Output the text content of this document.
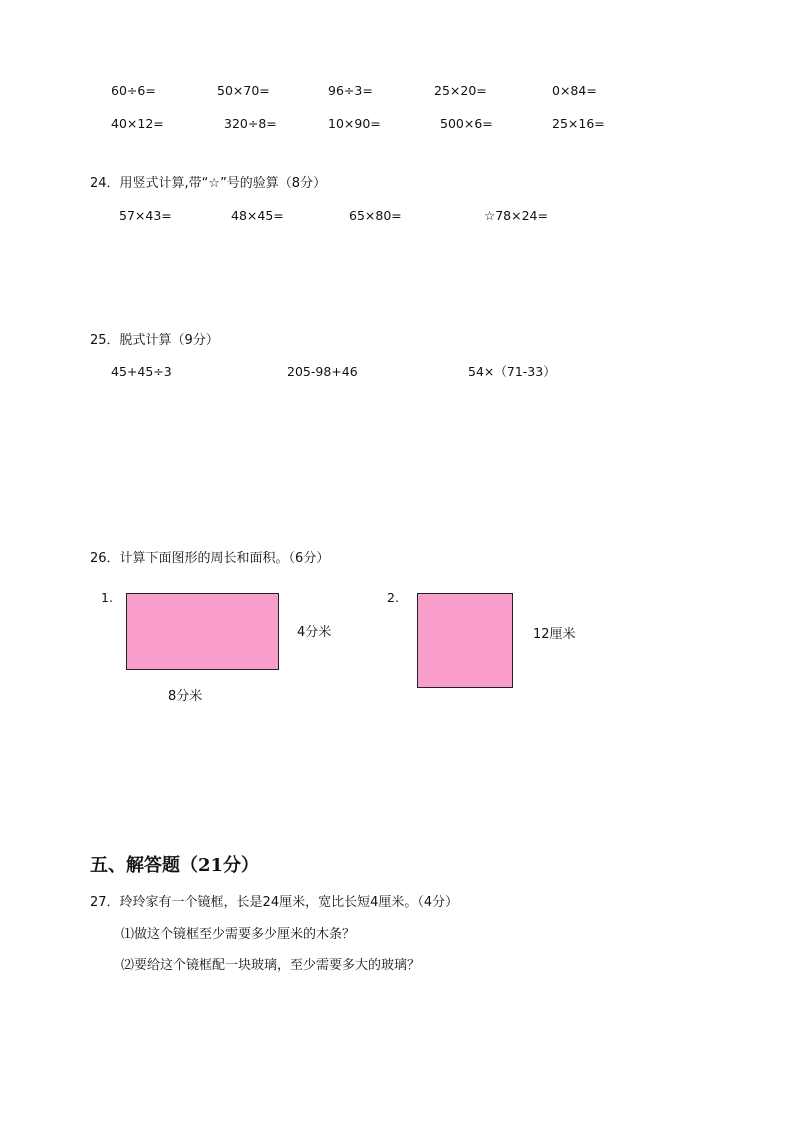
60÷6=	50×70=	96÷3=	25×20=	0×84=
40×12=	320÷8=	10×90=	500×6=	25×16=
24．用竖式计算,带“☆”号的验算（8分）
57×43=	48×45=	65×80=	☆78×24=
25．脱式计算（9分）
45+45÷3	205-98+46	54×（71-33）
26．计算下面图形的周长和面积。（6分）
1.
4分米
8分米
2.
12厘米
五、解答题（21分）
27．玲玲家有一个镜框，长是24厘米，宽比长短4厘米。（4分）
⑴做这个镜框至少需要多少厘米的木条？
⑵要给这个镜框配一块玻璃，至少需要多大的玻璃？
